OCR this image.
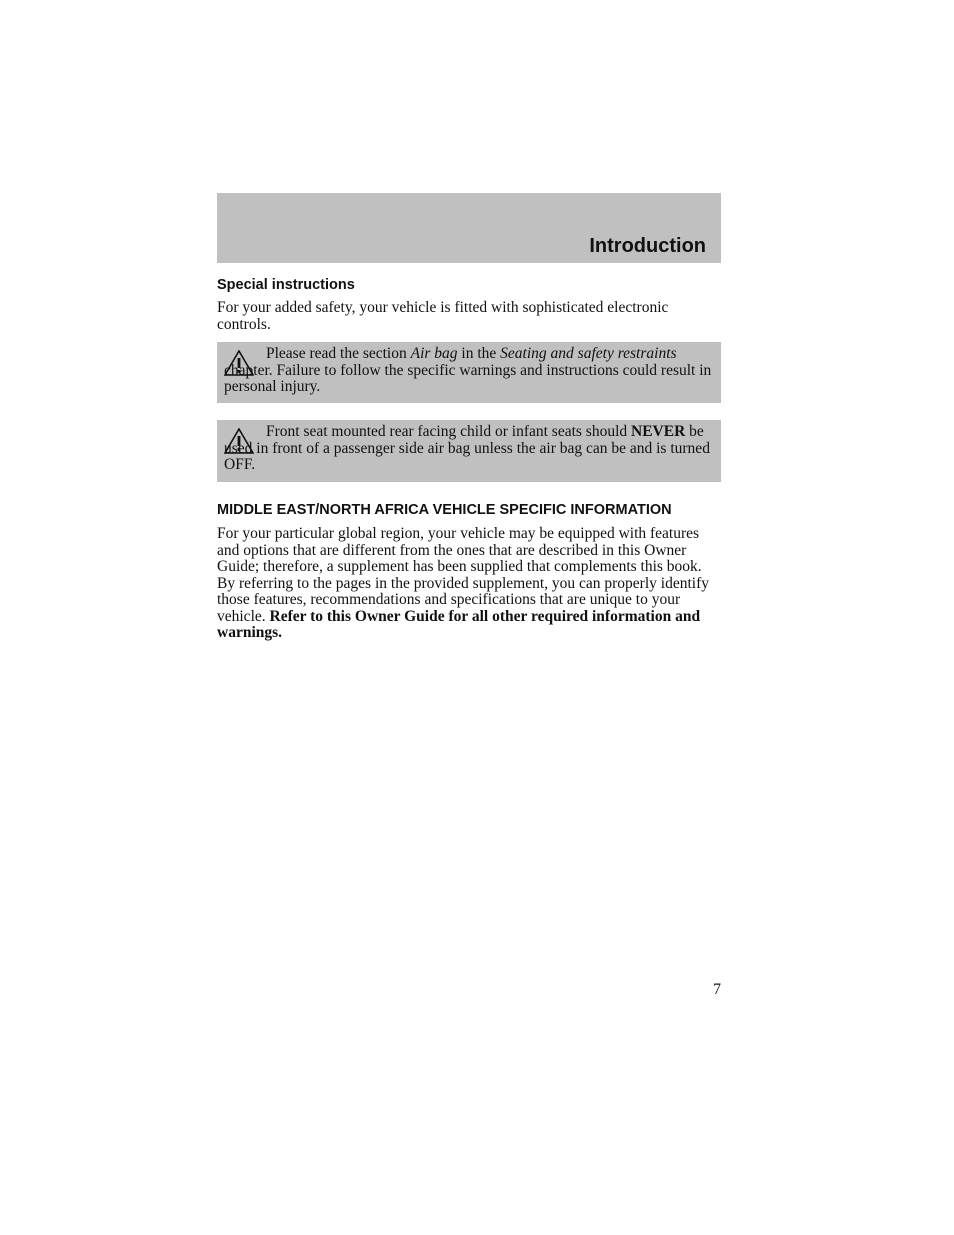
Introduction
Special instructions

For your added safety, your vehicle is fitted with sophisticated electronic controls.

Please read the section Air bag in the Seating and safety restraints chapter. Failure to follow the specific warnings and instructions could result in personal injury.
Front seat mounted rear facing child or infant seats should NEVER be used in front of a passenger side air bag unless the air bag can be and is turned OFF.
MIDDLE EAST/NORTH AFRICA VEHICLE SPECIFIC INFORMATION

For your particular global region, your vehicle may be equipped with features and options that are different from the ones that are described in this Owner Guide; therefore, a supplement has been supplied that complements this book. By referring to the pages in the provided supplement, you can properly identify those features, recommendations and specifications that are unique to your vehicle. Refer to this Owner Guide for all other required information and warnings.

7
